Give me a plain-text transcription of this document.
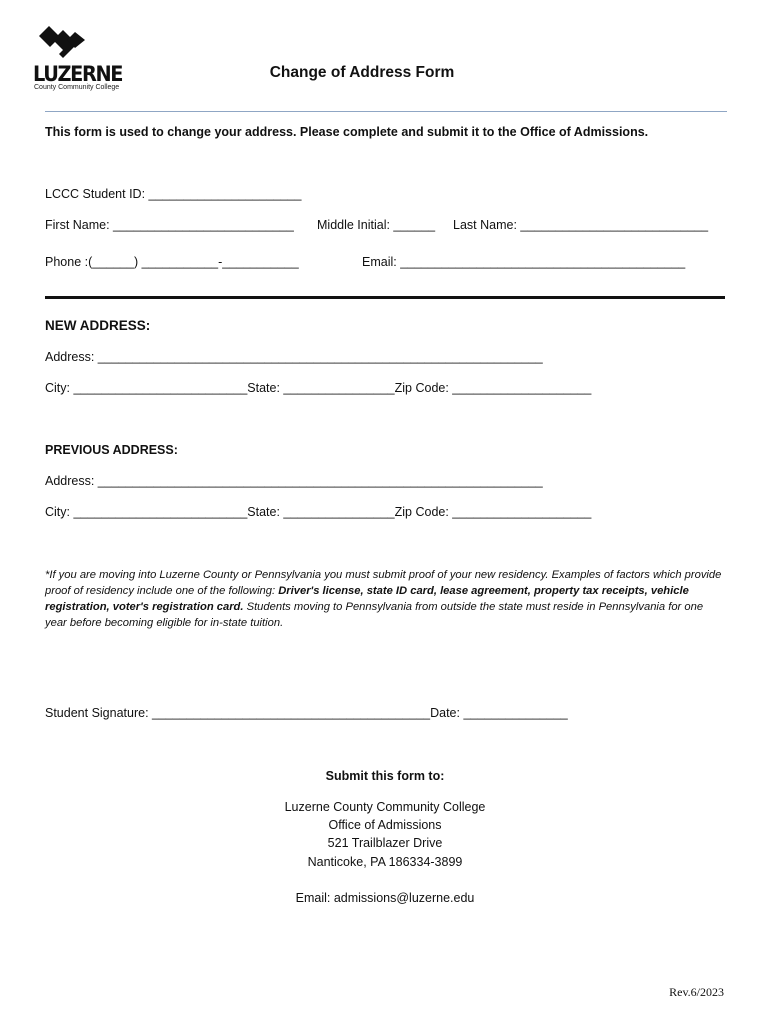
LUZERNE
County Community College
Change of Address Form
This form is used to change your address. Please complete and submit it to the Office of Admissions.
LCCC Student ID: ______________________
First Name: __________________________ Middle Initial: ______ Last Name: ___________________________
Phone :(______) ___________-___________	Email: _________________________________________
NEW ADDRESS:
Address: ________________________________________________________________
City: _________________________State: ________________Zip Code: ____________________
PREVIOUS ADDRESS:
Address: ________________________________________________________________
City: _________________________State: ________________Zip Code: ____________________
*If you are moving into Luzerne County or Pennsylvania you must submit proof of your new residency. Examples of factors which provide proof of residency include one of the following: Driver's license, state ID card, lease agreement, property tax receipts, vehicle registration, voter's registration card. Students moving to Pennsylvania from outside the state must reside in Pennsylvania for one year before becoming eligible for in-state tuition.
Student Signature: ________________________________________Date: _______________
Submit this form to:
Luzerne County Community College
Office of Admissions
521 Trailblazer Drive
Nanticoke, PA 186334-3899
Email: admissions@luzerne.edu
Rev.6/2023
